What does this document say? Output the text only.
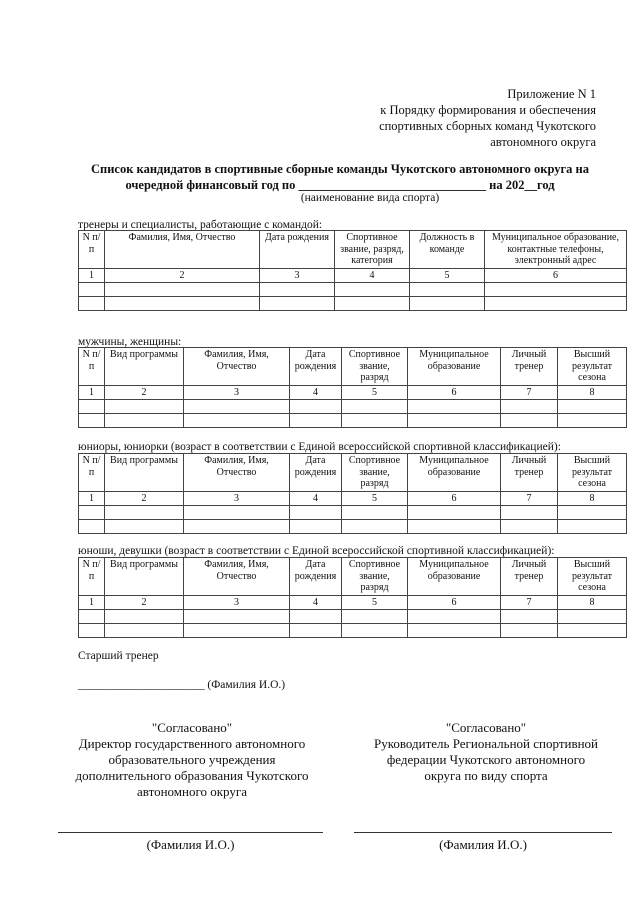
Приложение N 1
к Порядку формирования и обеспечения
спортивных сборных команд Чукотского
автономного округа
Список кандидатов в спортивные сборные команды Чукотского автономного округа на
очередной финансовый год по ______________________________ на 202__год
(наименование вида спорта)
тренеры и специалисты, работающие с командой:
N п/п	Фамилия, Имя, Отчество	Дата рождения	Спортивное звание, разряд, категория	Должность в команде	Муниципальное образование, контактные телефоны, электронный адрес
1	2	3	4	5	6

мужчины, женщины:
N п/п	Вид программы	Фамилия, Имя, Отчество	Дата рождения	Спортивное звание, разряд	Муниципальное образование	Личный тренер	Высший результат сезона
1	2	3	4	5	6	7	8

юниоры, юниорки (возраст в соответствии с Единой всероссийской спортивной классификацией):
N п/п	Вид программы	Фамилия, Имя, Отчество	Дата рождения	Спортивное звание, разряд	Муниципальное образование	Личный тренер	Высший результат сезона
1	2	3	4	5	6	7	8

юноши, девушки (возраст в соответствии с Единой всероссийской спортивной классификацией):
N п/п	Вид программы	Фамилия, Имя, Отчество	Дата рождения	Спортивное звание, разряд	Муниципальное образование	Личный тренер	Высший результат сезона
1	2	3	4	5	6	7	8

Старший тренер
______________________ (Фамилия И.О.)
"Согласовано"
Директор государственного автономного
образовательного учреждения
дополнительного образования Чукотского
автономного округа
"Согласовано"
Руководитель Региональной спортивной
федерации Чукотского автономного
округа по виду спорта
(Фамилия И.О.)	(Фамилия И.О.)
